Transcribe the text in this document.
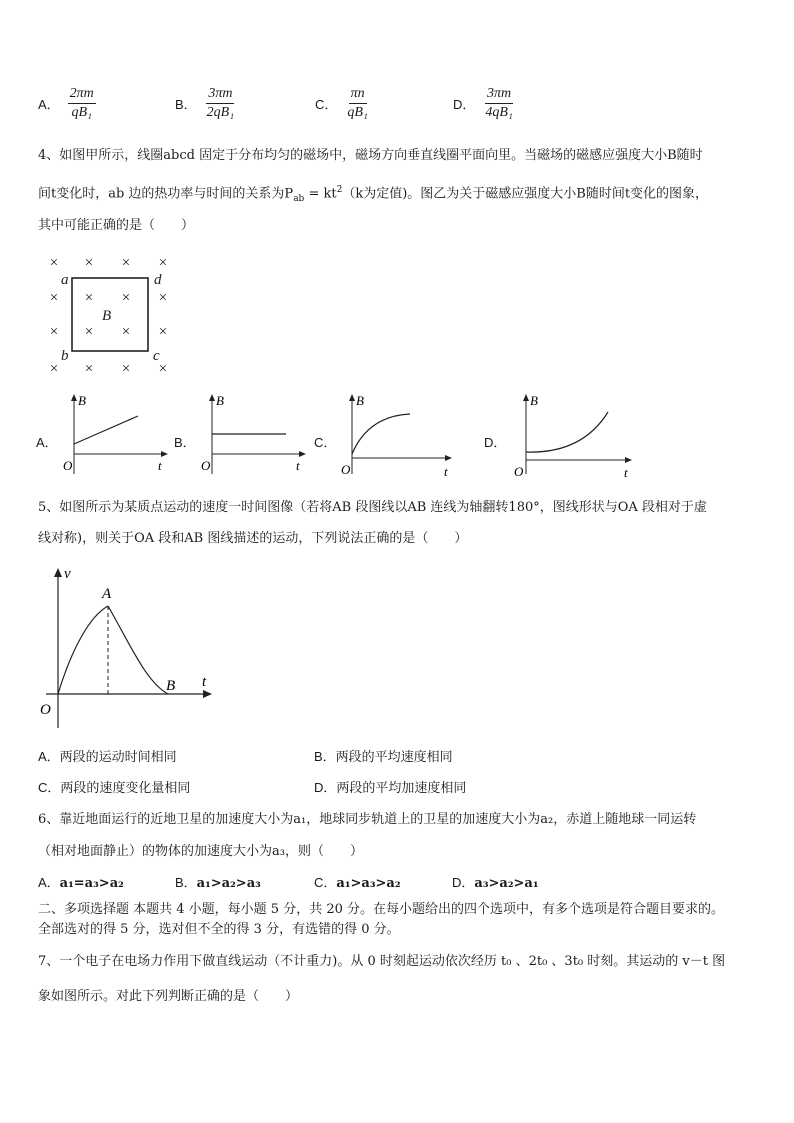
A． $\frac{2\pi m}{\text{qB₁}}$	B． $\frac{3\pi m}{\text{2qB₁}}$	C． $\frac{\pi n}{\text{qB₁}}$	D． $\frac{3\pi m}{\text{4qB₁}}$
4、如图甲所示，线圈abcd 固定于分布均匀的磁场中，磁场方向垂直线圈平面向里。当磁场的磁感应强度大小B随时
间t变化时，ab 边的热功率与时间的关系为$P_{ab} = kt^2(k$为定值)。图乙为关于磁感应强度大小B随时间t变化的图象，
其中可能正确的是（　　）
× × × ×
× × × ×
× × × ×
× × × ×
a	d
b	c
B
A．
B
t
O
B．
B
t
O
C．
B
t
O
D．
B
t
O
5、如图所示为某质点运动的速度一时间图像（若将AB 段图线以AB 连线为轴翻转180°，图线形状与OA 段相对于虚
线对称)，则关于OA 段和AB 图线描述的运动，下列说法正确的是（　　）
v
t
O
A
B
A．两段的运动时间相同	B．两段的平均速度相同
C．两段的速度变化量相同	D．两段的平均加速度相同
6、靠近地面运行的近地卫星的加速度大小为a₁，地球同步轨道上的卫星的加速度大小为a₂，赤道上随地球一同运转
（相对地面静止）的物体的加速度大小为a₃，则（　　）
A．a₁=a₃>a₂	B．a₁>a₂>a₃	C．a₁>a₃>a₂	D．a₃>a₂>a₁
二、多项选择题 本题共 4 小题，每小题 5 分，共 20 分。在每小题给出的四个选项中，有多个选项是符合题目要求的。
全部选对的得 5 分，选对但不全的得 3 分，有选错的得 0 分。
7、一个电子在电场力作用下做直线运动（不计重力)。从 0 时刻起运动依次经历 t₀ 、2t₀ 、3t₀ 时刻。其运动的 v－t 图
象如图所示。对此下列判断正确的是（　　）
